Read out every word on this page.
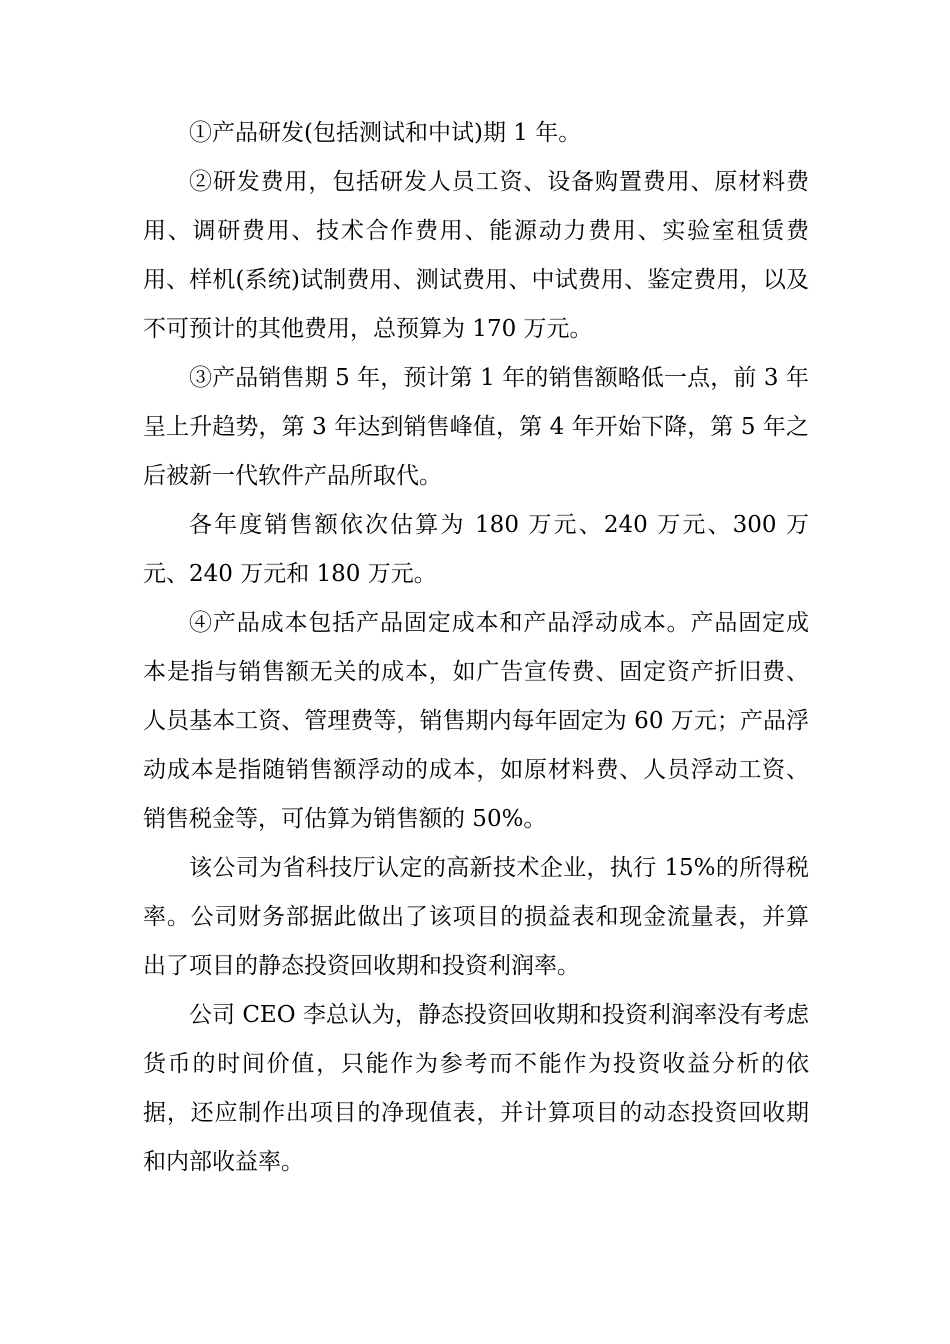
①产品研发(包括测试和中试)期 1 年。

②研发费用，包括研发人员工资、设备购置费用、原材料费用、调研费用、技术合作费用、能源动力费用、实验室租赁费用、样机(系统)试制费用、测试费用、中试费用、鉴定费用，以及不可预计的其他费用，总预算为 170 万元。

③产品销售期 5 年，预计第 1 年的销售额略低一点，前 3 年呈上升趋势，第 3 年达到销售峰值，第 4 年开始下降，第 5 年之后被新一代软件产品所取代。

各年度销售额依次估算为 180 万元、240 万元、300 万元、240 万元和 180 万元。

④产品成本包括产品固定成本和产品浮动成本。产品固定成本是指与销售额无关的成本，如广告宣传费、固定资产折旧费、人员基本工资、管理费等，销售期内每年固定为 60 万元；产品浮动成本是指随销售额浮动的成本，如原材料费、人员浮动工资、销售税金等，可估算为销售额的 50%。

该公司为省科技厅认定的高新技术企业，执行 15%的所得税率。公司财务部据此做出了该项目的损益表和现金流量表，并算出了项目的静态投资回收期和投资利润率。

公司 CEO 李总认为，静态投资回收期和投资利润率没有考虑货币的时间价值，只能作为参考而不能作为投资收益分析的依据，还应制作出项目的净现值表，并计算项目的动态投资回收期和内部收益率。
